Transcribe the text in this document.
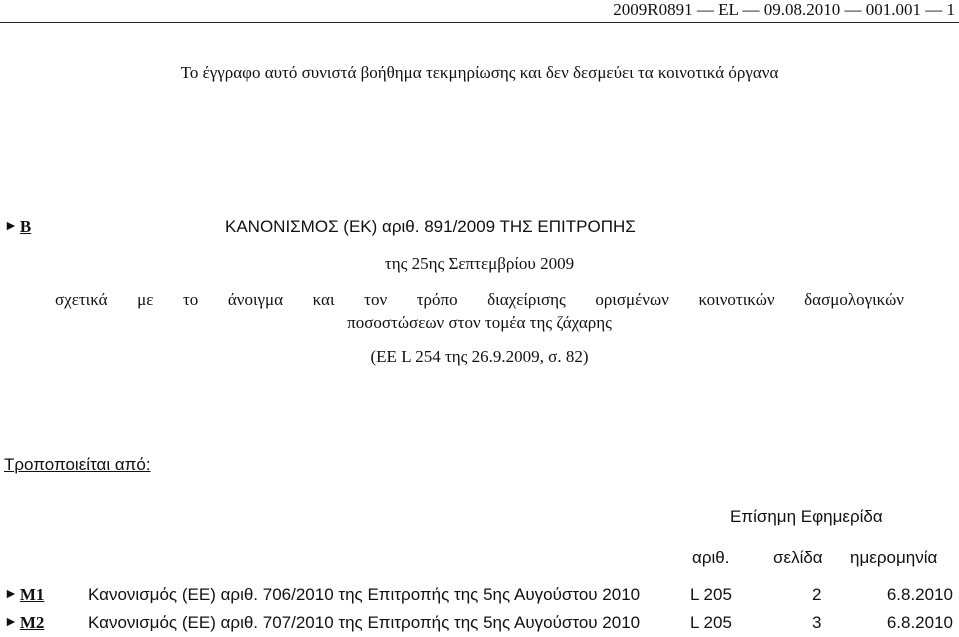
2009R0891 — EL — 09.08.2010 — 001.001 — 1
Το έγγραφο αυτό συνιστά βοήθημα τεκμηρίωσης και δεν δεσμεύει τα κοινοτικά όργανα
► B	ΚΑΝΟΝΙΣΜΟΣ (ΕΚ) αριθ. 891/2009 ΤΗΣ ΕΠΙΤΡΟΠΗΣ
της 25ης Σεπτεμβρίου 2009
σχετικά με το άνοιγμα και τον τρόπο διαχείρισης ορισμένων κοινοτικών δασμολογικών
ποσοστώσεων στον τομέα της ζάχαρης
(ΕΕ L 254 της 26.9.2009, σ. 82)
Τροποποιείται από:
Επίσημη Εφημερίδα
αριθ.	σελίδα ημερομηνία
► M1	Κανονισμός (ΕΕ) αριθ. 706/2010 της Επιτροπής της 5ης Αυγούστου 2010	L 205	2	6.8.2010
► M2	Κανονισμός (ΕΕ) αριθ. 707/2010 της Επιτροπής της 5ης Αυγούστου 2010	L 205	3	6.8.2010
